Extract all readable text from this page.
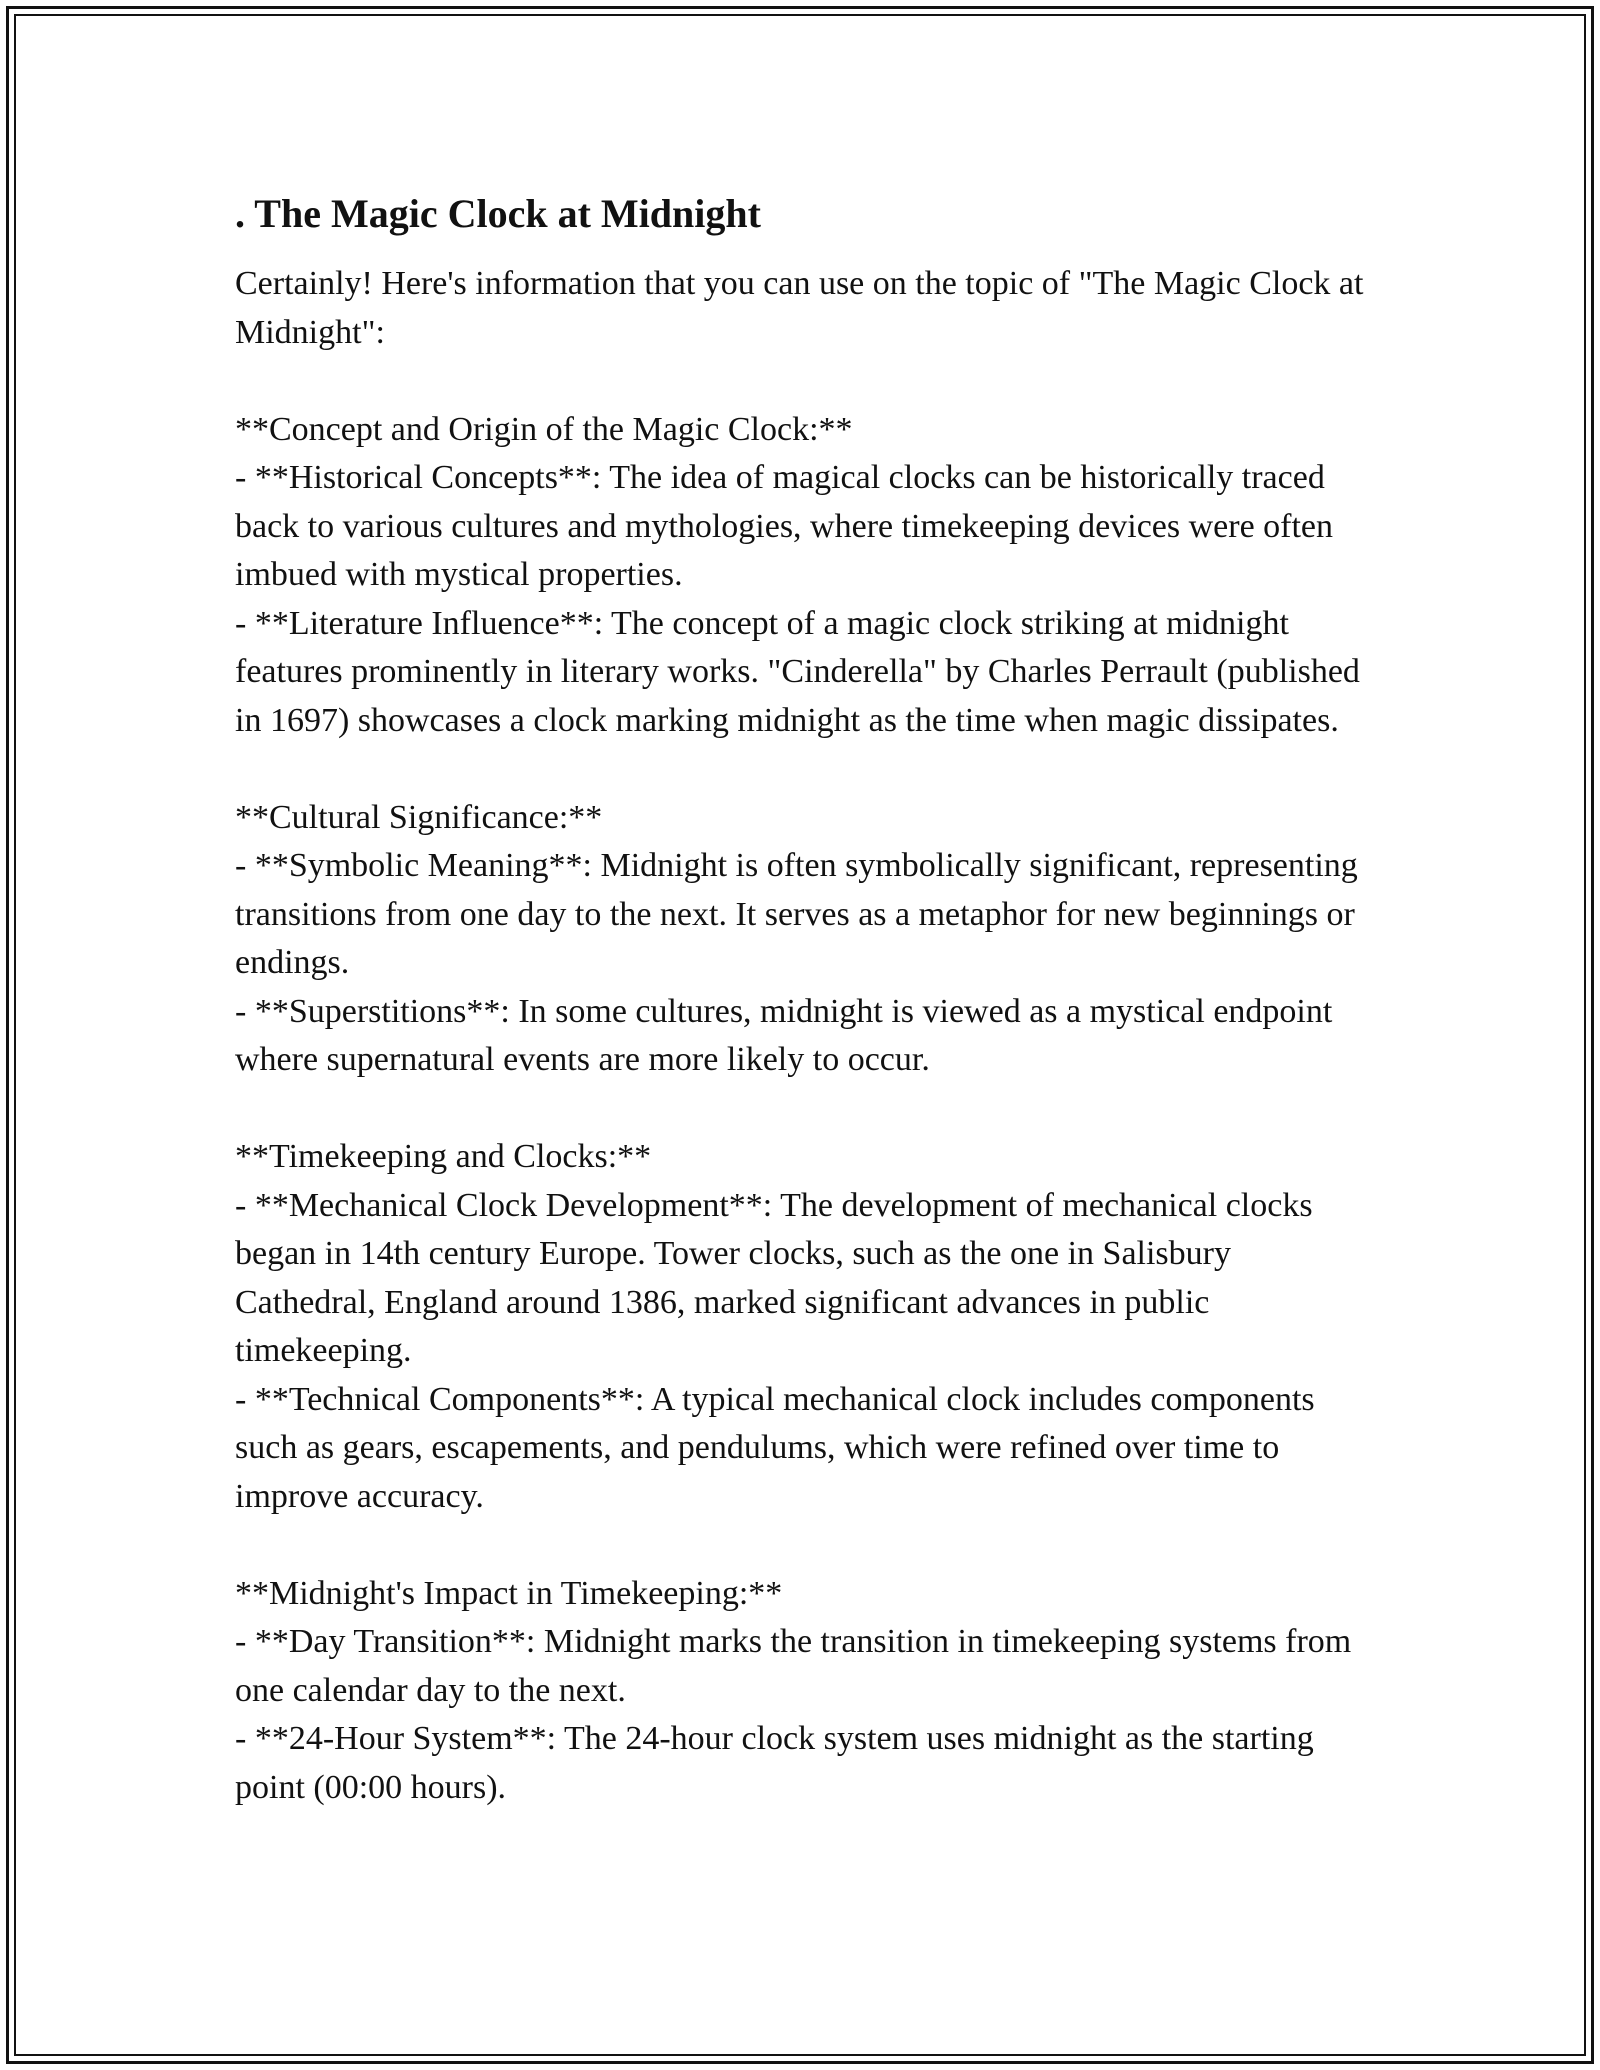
. The Magic Clock at Midnight

Certainly! Here's information that you can use on the topic of "The Magic Clock at Midnight":

**Concept and Origin of the Magic Clock:**

- **Historical Concepts**: The idea of magical clocks can be historically traced back to various cultures and mythologies, where timekeeping devices were often imbued with mystical properties.

- **Literature Influence**: The concept of a magic clock striking at midnight features prominently in literary works. "Cinderella" by Charles Perrault (published in 1697) showcases a clock marking midnight as the time when magic dissipates.

**Cultural Significance:**

- **Symbolic Meaning**: Midnight is often symbolically significant, representing transitions from one day to the next. It serves as a metaphor for new beginnings or endings.

- **Superstitions**: In some cultures, midnight is viewed as a mystical endpoint where supernatural events are more likely to occur.

**Timekeeping and Clocks:**

- **Mechanical Clock Development**: The development of mechanical clocks began in 14th century Europe. Tower clocks, such as the one in Salisbury Cathedral, England around 1386, marked significant advances in public timekeeping.

- **Technical Components**: A typical mechanical clock includes components such as gears, escapements, and pendulums, which were refined over time to improve accuracy.

**Midnight's Impact in Timekeeping:**

- **Day Transition**: Midnight marks the transition in timekeeping systems from one calendar day to the next.

- **24-Hour System**: The 24-hour clock system uses midnight as the starting point (00:00 hours).
